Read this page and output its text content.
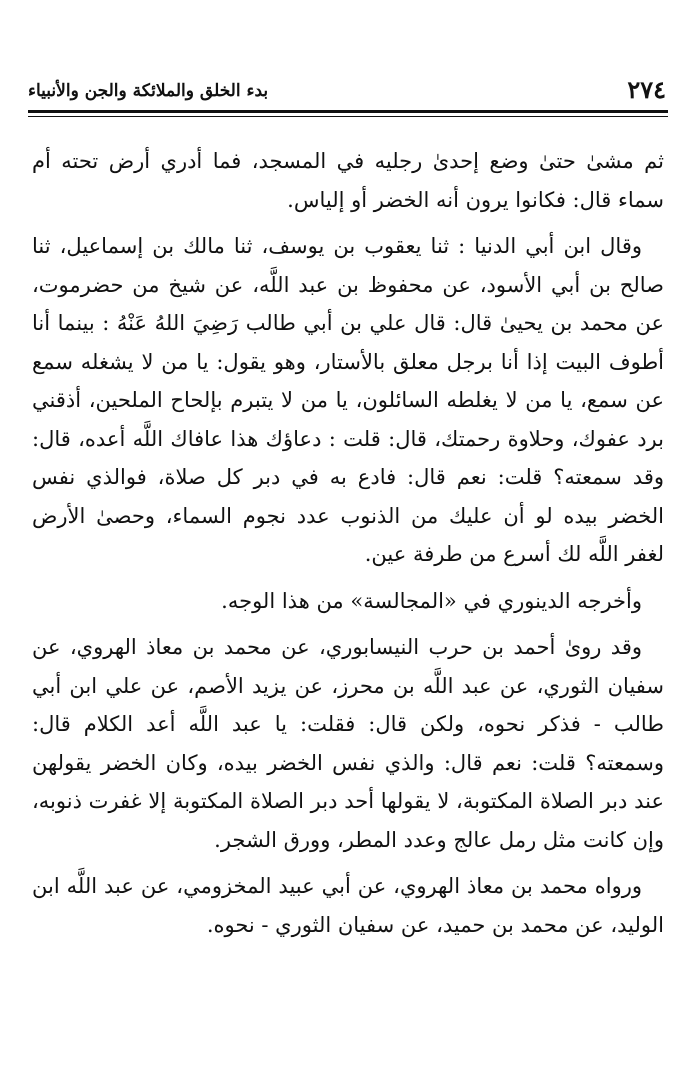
٢٧٤
بدء الخلق والملائكة والجن والأنبياء

ثم مشىٰ حتىٰ وضع إحدىٰ رجليه في المسجد، فما أدري أرض تحته أم سماء قال: فكانوا يرون أنه الخضر أو إلياس.

وقال ابن أبي الدنيا : ثنا يعقوب بن يوسف، ثنا مالك بن إسماعيل، ثنا صالح بن أبي الأسود، عن محفوظ بن عبد اللَّه، عن شيخ من حضرموت، عن محمد بن يحيىٰ قال: قال علي بن أبي طالب رَضِيَ اللهُ عَنْهُ : بينما أنا أطوف البيت إذا أنا برجل معلق بالأستار، وهو يقول: يا من لا يشغله سمع عن سمع، يا من لا يغلطه السائلون، يا من لا يتبرم بإلحاح الملحين، أذقني برد عفوك، وحلاوة رحمتك، قال: قلت : دعاؤك هذا عافاك اللَّه أعده، قال: وقد سمعته؟ قلت: نعم قال: فادع به في دبر كل صلاة، فوالذي نفس الخضر بيده لو أن عليك من الذنوب عدد نجوم السماء، وحصىٰ الأرض لغفر اللَّه لك أسرع من طرفة عين.

وأخرجه الدينوري في «المجالسة» من هذا الوجه.

وقد روىٰ أحمد بن حرب النيسابوري، عن محمد بن معاذ الهروي، عن سفيان الثوري، عن عبد اللَّه بن محرز، عن يزيد الأصم، عن علي ابن أبي طالب - فذكر نحوه، ولكن قال: فقلت: يا عبد اللَّه أعد الكلام قال: وسمعته؟ قلت: نعم قال: والذي نفس الخضر بيده، وكان الخضر يقولهن عند دبر الصلاة المكتوبة، لا يقولها أحد دبر الصلاة المكتوبة إلا غفرت ذنوبه، وإن كانت مثل رمل عالج وعدد المطر، وورق الشجر.

ورواه محمد بن معاذ الهروي، عن أبي عبيد المخزومي، عن عبد اللَّه ابن الوليد، عن محمد بن حميد، عن سفيان الثوري - نحوه.
